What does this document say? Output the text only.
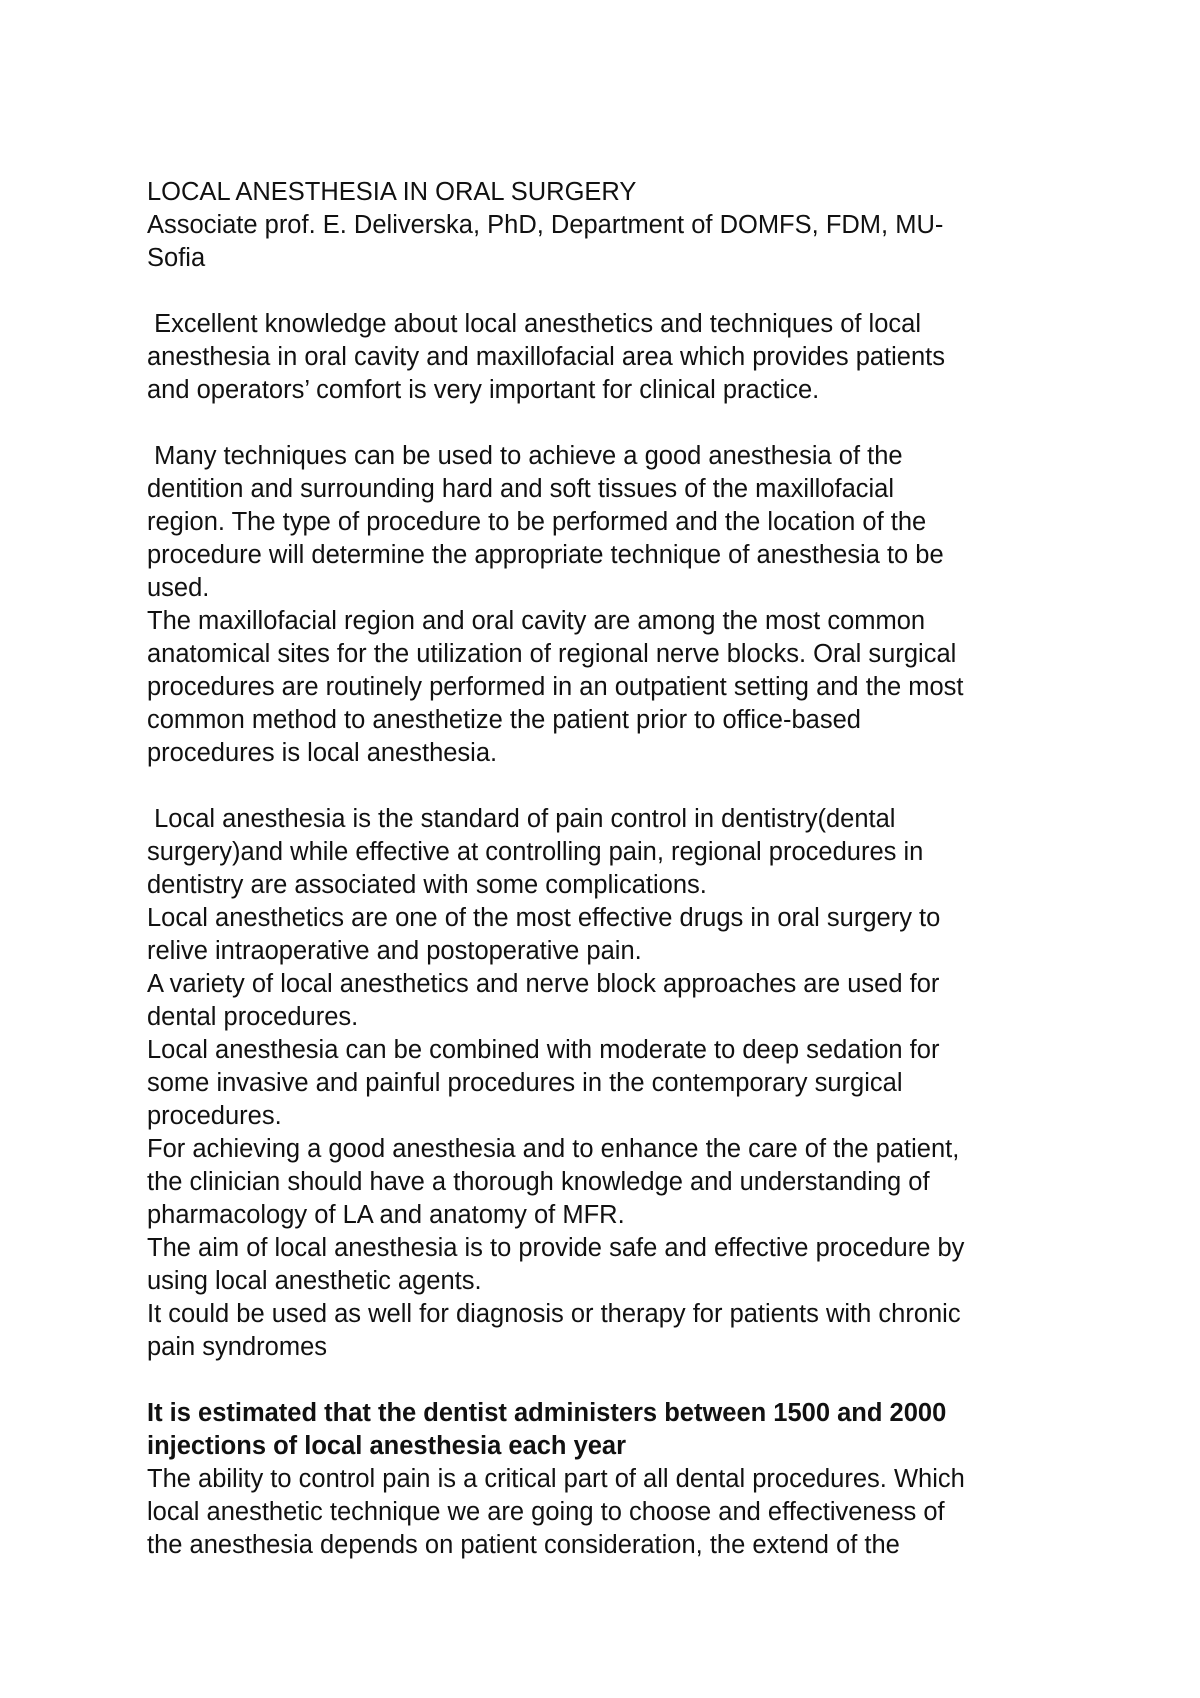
LOCAL ANESTHESIA IN ORAL SURGERY
Associate prof. E. Deliverska, PhD, Department of DOMFS, FDM, MU-
Sofia
Excellent knowledge about local anesthetics and techniques of local
anesthesia in oral cavity and maxillofacial area which provides patients
and operators’ comfort is very important for clinical practice.
Many techniques can be used to achieve a good anesthesia of the
dentition and surrounding hard and soft tissues of the maxillofacial
region. The type of procedure to be performed and the location of the
procedure will determine the appropriate technique of anesthesia to be
used.
The maxillofacial region and oral cavity are among the most common
anatomical sites for the utilization of regional nerve blocks. Oral surgical
procedures are routinely performed in an outpatient setting and the most
common method to anesthetize the patient prior to office-based
procedures is local anesthesia.
Local anesthesia is the standard of pain control in dentistry(dental
surgery)and while effective at controlling pain, regional procedures in
dentistry are associated with some complications.
Local anesthetics are one of the most effective drugs in oral surgery to
relive intraoperative and postoperative pain.
A variety of local anesthetics and nerve block approaches are used for
dental procedures.
Local anesthesia can be combined with moderate to deep sedation for
some invasive and painful procedures in the contemporary surgical
procedures.
For achieving a good anesthesia and to enhance the care of the patient,
the clinician should have a thorough knowledge and understanding of
pharmacology of LA and anatomy of MFR.
The aim of local anesthesia is to provide safe and effective procedure by
using local anesthetic agents.
It could be used as well for diagnosis or therapy for patients with chronic
pain syndromes
It is estimated that the dentist administers between 1500 and 2000
injections of local anesthesia each year
The ability to control pain is a critical part of all dental procedures. Which
local anesthetic technique we are going to choose and effectiveness of
the anesthesia depends on patient consideration, the extend of the
